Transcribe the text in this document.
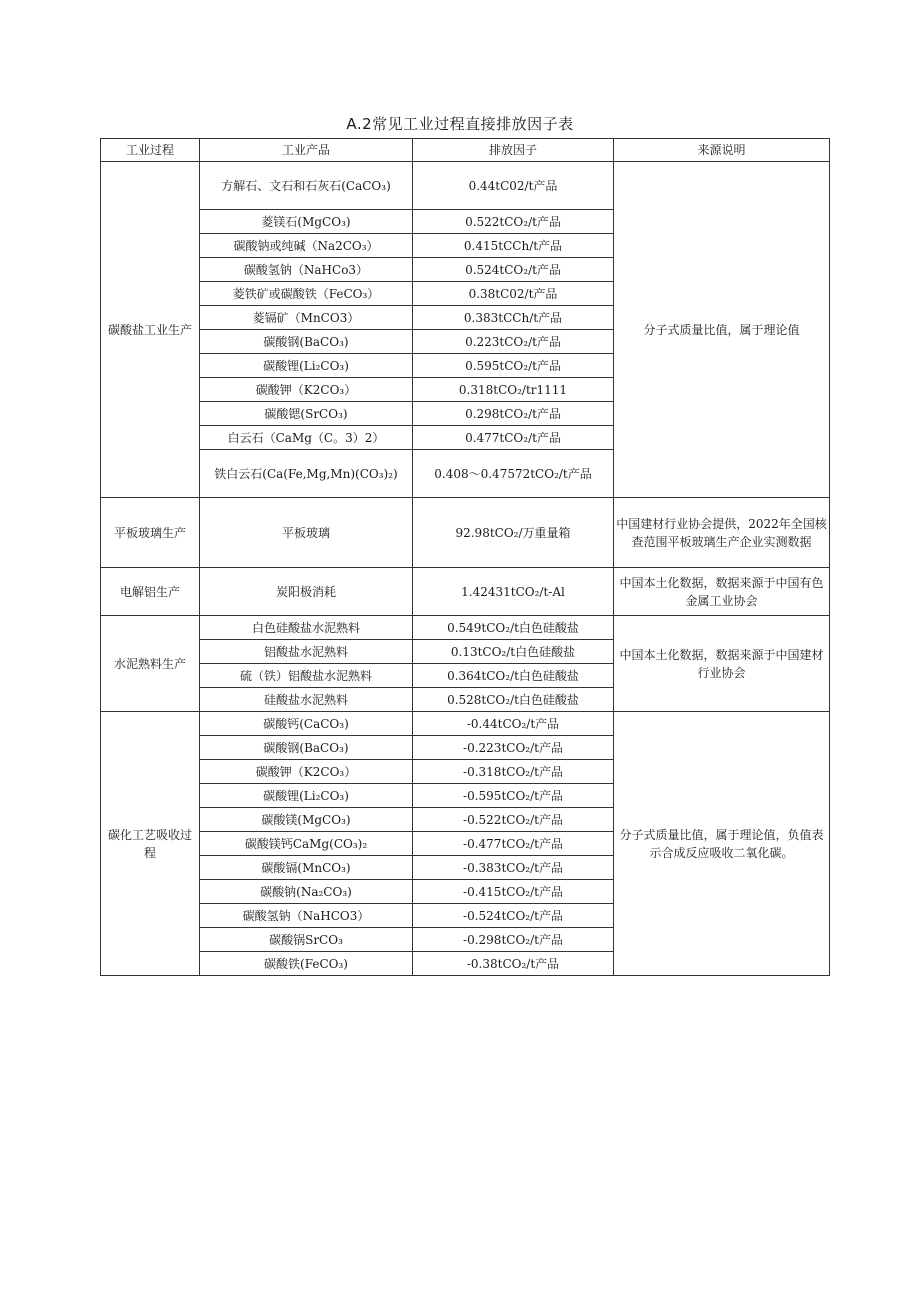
A.2常见工业过程直接排放因子表
工业过程	工业产品	排放因子	来源说明
碳酸盐工业生产	方解石、文石和石灰石(CaCO₃)	0.44tC02/t产品	分子式质量比值，属于理论值
	菱镁石(MgCO₃)	0.522tCO₂/t产品	
	碳酸钠或纯碱（Na2CO₃）	0.415tCCh/t产品	
	碳酸氢钠（NaHCo3）	0.524tCO₂/t产品	
	菱铁矿或碳酸铁（FeCO₃）	0.38tC02/t产品	
	菱镉矿（MnCO3）	0.383tCCh/t产品	
	碳酸钢(BaCO₃)	0.223tCO₂/t产品	
	碳酸锂(Li₂CO₃)	0.595tCO₂/t产品	
	碳酸钾（K2CO₃）	0.318tCO₂/tr1111	
	碳酸锶(SrCO₃)	0.298tCO₂/t产品	
	白云石（CaMg（C。3）2）	0.477tCO₂/t产品	
	铁白云石(Ca(Fe,Mg,Mn)(CO₃)₂)	0.408～0.47572tCO₂/t产品	
平板玻璃生产	平板玻璃	92.98tCO₂/万重量箱	中国建材行业协会提供，2022年全国核查范围平板玻璃生产企业实测数据
电解铝生产	炭阳极消耗	1.42431tCO₂/t-Al	中国本土化数据，数据来源于中国有色金属工业协会
水泥熟料生产	白色硅酸盐水泥熟料	0.549tCO₂/t白色硅酸盐	中国本土化数据，数据来源于中国建材行业协会
	铝酸盐水泥熟料	0.13tCO₂/t白色硅酸盐	
	硫（铁）铝酸盐水泥熟料	0.364tCO₂/t白色硅酸盐	
	硅酸盐水泥熟料	0.528tCO₂/t白色硅酸盐	
碳化工艺吸收过程	碳酸钙(CaCO₃)	-0.44tCO₂/t产品	分子式质量比值，属于理论值，负值表示合成反应吸收二氧化碳。
	碳酸钢(BaCO₃)	-0.223tCO₂/t产品	
	碳酸钾（K2CO₃）	-0.318tCO₂/t产品	
	碳酸锂(Li₂CO₃)	-0.595tCO₂/t产品	
	碳酸镁(MgCO₃)	-0.522tCO₂/t产品	
	碳酸镁钙CaMg(CO₃)₂	-0.477tCO₂/t产品	
	碳酸镉(MnCO₃)	-0.383tCO₂/t产品	
	碳酸钠(Na₂CO₃)	-0.415tCO₂/t产品	
	碳酸氢钠（NaHCO3）	-0.524tCO₂/t产品	
	碳酸锅SrCO₃	-0.298tCO₂/t产品	
	碳酸铁(FeCO₃)	-0.38tCO₂/t产品	
